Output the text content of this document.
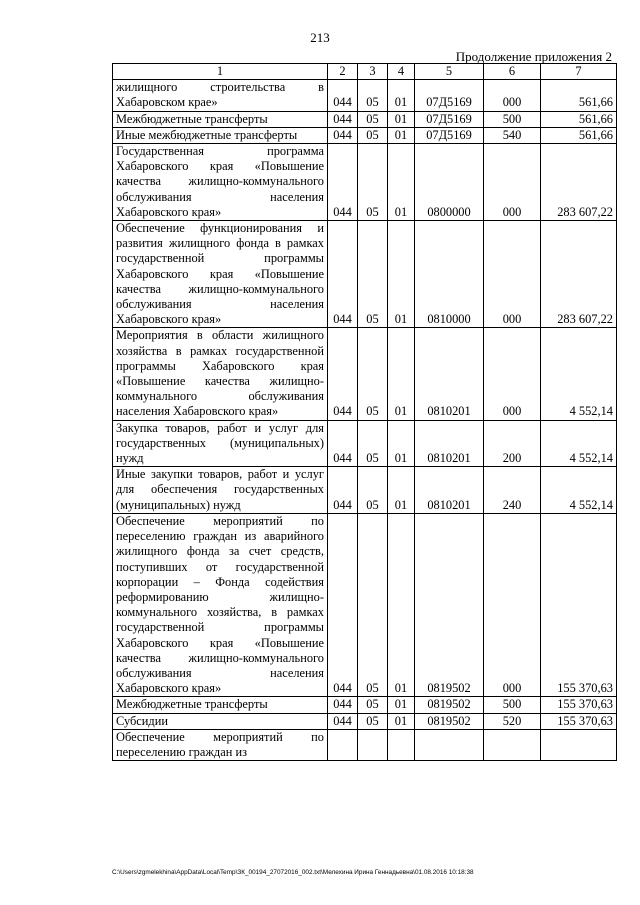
213
Продолжение приложения 2
1	2	3	4	5	6	7
жилищного строительства в Хабаровском крае»	044	05	01	07Д5169	000	561,66
Межбюджетные трансферты	044	05	01	07Д5169	500	561,66
Иные межбюджетные трансферты	044	05	01	07Д5169	540	561,66
Государственная программа Хабаровского края «Повышение качества жилищно-коммунального обслуживания населения Хабаровского края»	044	05	01	0800000	000	283 607,22
Обеспечение функционирования и развития жилищного фонда в рамках государственной программы Хабаровского края «Повышение качества жилищно-коммунального обслуживания населения Хабаровского края»	044	05	01	0810000	000	283 607,22
Мероприятия в области жилищного хозяйства в рамках государственной программы Хабаровского края «Повышение качества жилищно-коммунального обслуживания населения Хабаровского края»	044	05	01	0810201	000	4 552,14
Закупка товаров, работ и услуг для государственных (муниципальных) нужд	044	05	01	0810201	200	4 552,14
Иные закупки товаров, работ и услуг для обеспечения государственных (муниципальных) нужд	044	05	01	0810201	240	4 552,14
Обеспечение мероприятий по переселению граждан из аварийного жилищного фонда за счет средств, поступивших от государственной корпорации – Фонда содействия реформированию жилищно-коммунального хозяйства, в рамках государственной программы Хабаровского края «Повышение качества жилищно-коммунального обслуживания населения Хабаровского края»	044	05	01	0819502	000	155 370,63
Межбюджетные трансферты	044	05	01	0819502	500	155 370,63
Субсидии	044	05	01	0819502	520	155 370,63
Обеспечение мероприятий по переселению граждан из						
C:\Users\zgmelekhina\AppData\Local\Temp\ЗК_00194_27072016_002.txt\Мелехина Ирина Геннадьевна\01.08.2016 10:18:38
